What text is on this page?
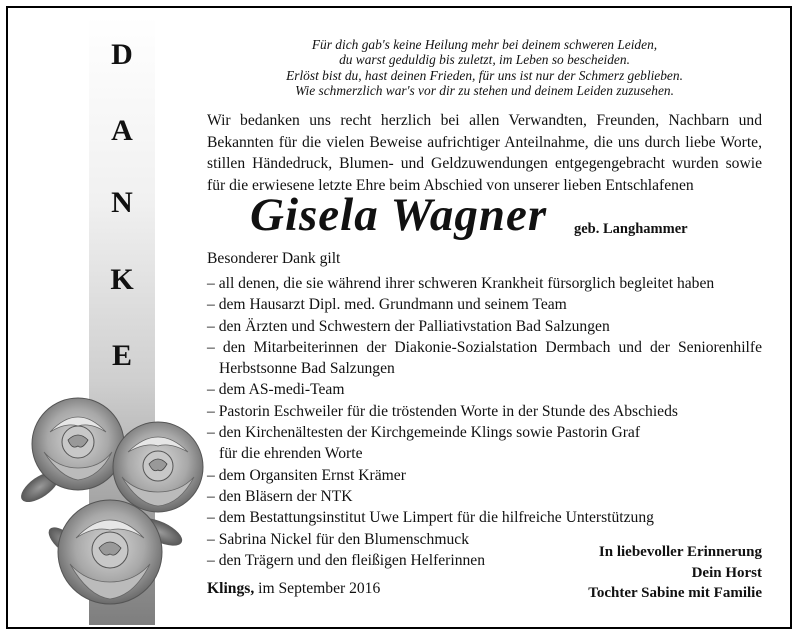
D
A
N
K
E
Für dich gab's keine Heilung mehr bei deinem schweren Leiden,
du warst geduldig bis zuletzt, im Leben so bescheiden.
Erlöst bist du, hast deinen Frieden, für uns ist nur der Schmerz geblieben.
Wie schmerzlich war's vor dir zu stehen und deinem Leiden zuzusehen.
Wir bedanken uns recht herzlich bei allen Verwandten, Freunden, Nachbarn und
Bekannten für die vielen Beweise aufrichtiger Anteilnahme, die uns durch liebe Worte,
stillen Händedruck, Blumen- und Geldzuwendungen entgegengebracht wurden sowie
für die erwiesene letzte Ehre beim Abschied von unserer lieben Entschlafenen
Gisela Wagner geb. Langhammer
Besonderer Dank gilt
– all denen, die sie während ihrer schweren Krankheit fürsorglich begleitet haben
– dem Hausarzt Dipl. med. Grundmann und seinem Team
– den Ärzten und Schwestern der Palliativstation Bad Salzungen
– den Mitarbeiterinnen der Diakonie-Sozialstation Dermbach und der Seniorenhilfe
Herbstsonne Bad Salzungen
– dem AS-medi-Team
– Pastorin Eschweiler für die tröstenden Worte in der Stunde des Abschieds
– den Kirchenältesten der Kirchgemeinde Klings sowie Pastorin Graf
für die ehrenden Worte
– dem Organsiten Ernst Krämer
– den Bläsern der NTK
– dem Bestattungsinstitut Uwe Limpert für die hilfreiche Unterstützung
– Sabrina Nickel für den Blumenschmuck
– den Trägern und den fleißigen Helferinnen	In liebevoller Erinnerung
Dein Horst
Tochter Sabine mit Familie
Klings, im September 2016
